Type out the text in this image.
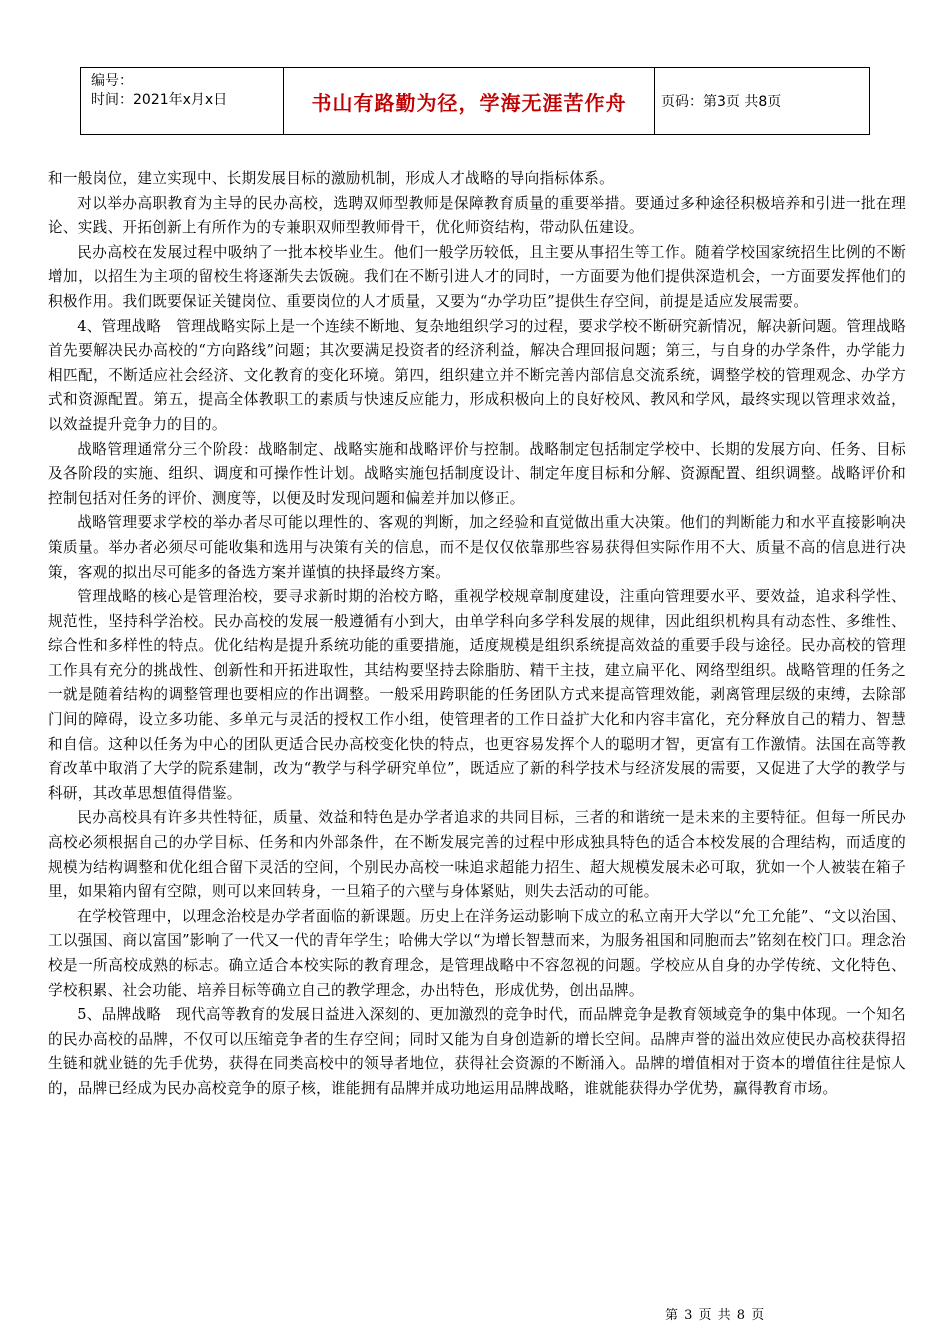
编号：
时间：2021年x月x日	书山有路勤为径，学海无涯苦作舟	页码：第3页 共8页

和一般岗位，建立实现中、长期发展目标的激励机制，形成人才战略的导向指标体系。

对以举办高职教育为主导的民办高校，选聘双师型教师是保障教育质量的重要举措。要通过多种途径积极培养和引进一批在理论、实践、开拓创新上有所作为的专兼职双师型教师骨干，优化师资结构，带动队伍建设。

民办高校在发展过程中吸纳了一批本校毕业生。他们一般学历较低，且主要从事招生等工作。随着学校国家统招生比例的不断增加，以招生为主项的留校生将逐渐失去饭碗。我们在不断引进人才的同时，一方面要为他们提供深造机会，一方面要发挥他们的积极作用。我们既要保证关键岗位、重要岗位的人才质量，又要为“办学功臣”提供生存空间，前提是适应发展需要。

4、管理战略　管理战略实际上是一个连续不断地、复杂地组织学习的过程，要求学校不断研究新情况，解决新问题。管理战略首先要解决民办高校的“方向路线”问题；其次要满足投资者的经济利益，解决合理回报问题；第三，与自身的办学条件，办学能力相匹配，不断适应社会经济、文化教育的变化环境。第四，组织建立并不断完善内部信息交流系统，调整学校的管理观念、办学方式和资源配置。第五，提高全体教职工的素质与快速反应能力，形成积极向上的良好校风、教风和学风，最终实现以管理求效益，以效益提升竞争力的目的。

战略管理通常分三个阶段：战略制定、战略实施和战略评价与控制。战略制定包括制定学校中、长期的发展方向、任务、目标及各阶段的实施、组织、调度和可操作性计划。战略实施包括制度设计、制定年度目标和分解、资源配置、组织调整。战略评价和控制包括对任务的评价、测度等，以便及时发现问题和偏差并加以修正。

战略管理要求学校的举办者尽可能以理性的、客观的判断，加之经验和直觉做出重大决策。他们的判断能力和水平直接影响决策质量。举办者必须尽可能收集和选用与决策有关的信息，而不是仅仅依靠那些容易获得但实际作用不大、质量不高的信息进行决策，客观的拟出尽可能多的备选方案并谨慎的抉择最终方案。

管理战略的核心是管理治校，要寻求新时期的治校方略，重视学校规章制度建设，注重向管理要水平、要效益，追求科学性、规范性，坚持科学治校。民办高校的发展一般遵循有小到大，由单学科向多学科发展的规律，因此组织机构具有动态性、多维性、综合性和多样性的特点。优化结构是提升系统功能的重要措施，适度规模是组织系统提高效益的重要手段与途径。民办高校的管理工作具有充分的挑战性、创新性和开拓进取性，其结构要坚持去除脂肪、精干主技，建立扁平化、网络型组织。战略管理的任务之一就是随着结构的调整管理也要相应的作出调整。一般采用跨职能的任务团队方式来提高管理效能，剥离管理层级的束缚，去除部门间的障碍，设立多功能、多单元与灵活的授权工作小组，使管理者的工作日益扩大化和内容丰富化，充分释放自己的精力、智慧和自信。这种以任务为中心的团队更适合民办高校变化快的特点，也更容易发挥个人的聪明才智，更富有工作激情。法国在高等教育改革中取消了大学的院系建制，改为“教学与科学研究单位”，既适应了新的科学技术与经济发展的需要，又促进了大学的教学与科研，其改革思想值得借鉴。

民办高校具有许多共性特征，质量、效益和特色是办学者追求的共同目标，三者的和谐统一是未来的主要特征。但每一所民办高校必须根据自己的办学目标、任务和内外部条件，在不断发展完善的过程中形成独具特色的适合本校发展的合理结构，而适度的规模为结构调整和优化组合留下灵活的空间，个别民办高校一味追求超能力招生、超大规模发展未必可取，犹如一个人被装在箱子里，如果箱内留有空隙，则可以来回转身，一旦箱子的六壁与身体紧贴，则失去活动的可能。

在学校管理中，以理念治校是办学者面临的新课题。历史上在洋务运动影响下成立的私立南开大学以“允工允能”、“文以治国、工以强国、商以富国”影响了一代又一代的青年学生；哈佛大学以“为增长智慧而来，为服务祖国和同胞而去”铭刻在校门口。理念治校是一所高校成熟的标志。确立适合本校实际的教育理念，是管理战略中不容忽视的问题。学校应从自身的办学传统、文化特色、学校积累、社会功能、培养目标等确立自己的教学理念，办出特色，形成优势，创出品牌。

5、品牌战略　现代高等教育的发展日益进入深刻的、更加激烈的竞争时代，而品牌竞争是教育领域竞争的集中体现。一个知名的民办高校的品牌，不仅可以压缩竞争者的生存空间；同时又能为自身创造新的增长空间。品牌声誉的溢出效应使民办高校获得招生链和就业链的先手优势，获得在同类高校中的领导者地位，获得社会资源的不断涌入。品牌的增值相对于资本的增值往往是惊人的，品牌已经成为民办高校竞争的原子核，谁能拥有品牌并成功地运用品牌战略，谁就能获得办学优势，赢得教育市场。

第 3 页 共 8 页
